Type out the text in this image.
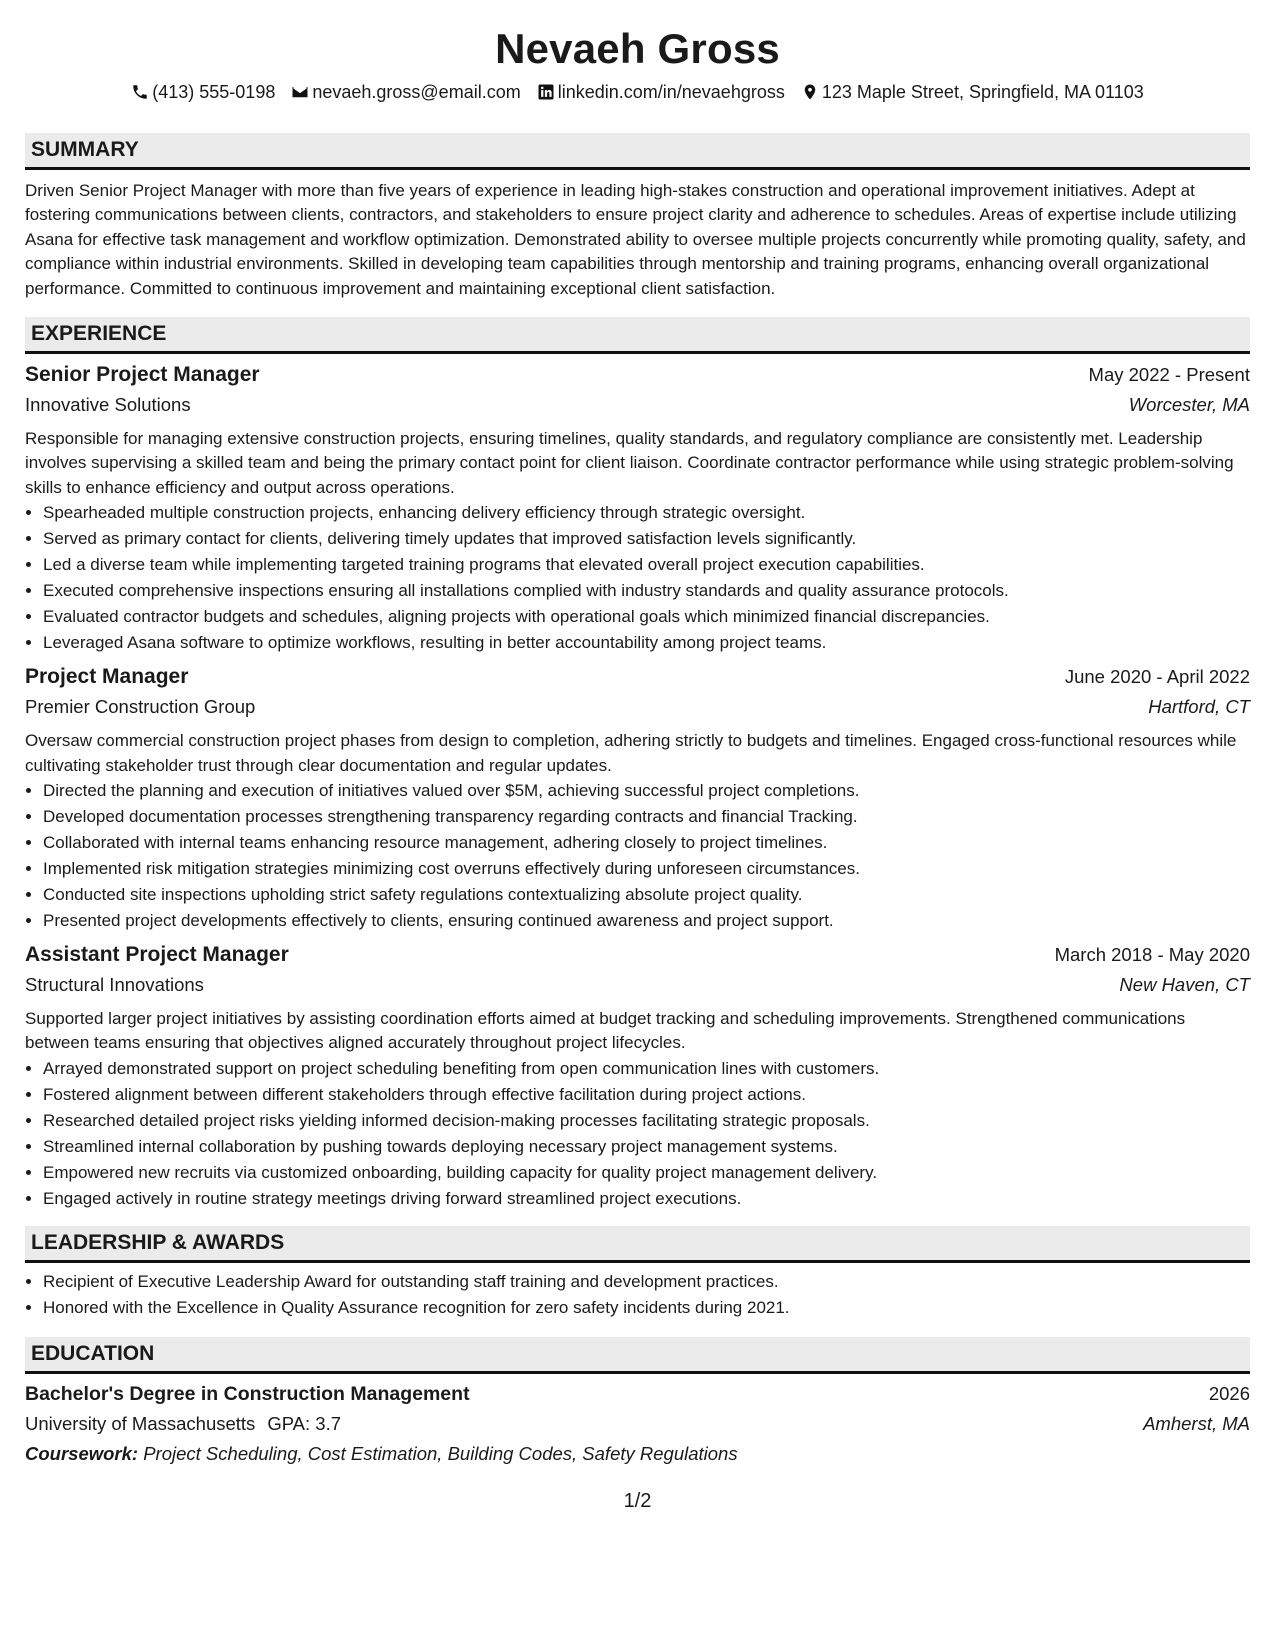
Nevaeh Gross
(413) 555-0198 nevaeh.gross@email.com linkedin.com/in/nevaehgross 123 Maple Street, Springfield, MA 01103
SUMMARY
Driven Senior Project Manager with more than five years of experience in leading high-stakes construction and operational improvement initiatives. Adept at fostering communications between clients, contractors, and stakeholders to ensure project clarity and adherence to schedules. Areas of expertise include utilizing Asana for effective task management and workflow optimization. Demonstrated ability to oversee multiple projects concurrently while promoting quality, safety, and compliance within industrial environments. Skilled in developing team capabilities through mentorship and training programs, enhancing overall organizational performance. Committed to continuous improvement and maintaining exceptional client satisfaction.
EXPERIENCE
Senior Project Manager	May 2022 - Present
Innovative Solutions	Worcester, MA
Responsible for managing extensive construction projects, ensuring timelines, quality standards, and regulatory compliance are consistently met. Leadership involves supervising a skilled team and being the primary contact point for client liaison. Coordinate contractor performance while using strategic problem-solving skills to enhance efficiency and output across operations.
• Spearheaded multiple construction projects, enhancing delivery efficiency through strategic oversight.
• Served as primary contact for clients, delivering timely updates that improved satisfaction levels significantly.
• Led a diverse team while implementing targeted training programs that elevated overall project execution capabilities.
• Executed comprehensive inspections ensuring all installations complied with industry standards and quality assurance protocols.
• Evaluated contractor budgets and schedules, aligning projects with operational goals which minimized financial discrepancies.
• Leveraged Asana software to optimize workflows, resulting in better accountability among project teams.
Project Manager	June 2020 - April 2022
Premier Construction Group	Hartford, CT
Oversaw commercial construction project phases from design to completion, adhering strictly to budgets and timelines. Engaged cross-functional resources while cultivating stakeholder trust through clear documentation and regular updates.
• Directed the planning and execution of initiatives valued over $5M, achieving successful project completions.
• Developed documentation processes strengthening transparency regarding contracts and financial Tracking.
• Collaborated with internal teams enhancing resource management, adhering closely to project timelines.
• Implemented risk mitigation strategies minimizing cost overruns effectively during unforeseen circumstances.
• Conducted site inspections upholding strict safety regulations contextualizing absolute project quality.
• Presented project developments effectively to clients, ensuring continued awareness and project support.
Assistant Project Manager	March 2018 - May 2020
Structural Innovations	New Haven, CT
Supported larger project initiatives by assisting coordination efforts aimed at budget tracking and scheduling improvements. Strengthened communications between teams ensuring that objectives aligned accurately throughout project lifecycles.
• Arrayed demonstrated support on project scheduling benefiting from open communication lines with customers.
• Fostered alignment between different stakeholders through effective facilitation during project actions.
• Researched detailed project risks yielding informed decision-making processes facilitating strategic proposals.
• Streamlined internal collaboration by pushing towards deploying necessary project management systems.
• Empowered new recruits via customized onboarding, building capacity for quality project management delivery.
• Engaged actively in routine strategy meetings driving forward streamlined project executions.
LEADERSHIP & AWARDS
• Recipient of Executive Leadership Award for outstanding staff training and development practices.
• Honored with the Excellence in Quality Assurance recognition for zero safety incidents during 2021.
EDUCATION
Bachelor's Degree in Construction Management	2026
University of Massachusetts GPA: 3.7	Amherst, MA
Coursework: Project Scheduling, Cost Estimation, Building Codes, Safety Regulations
1/2
